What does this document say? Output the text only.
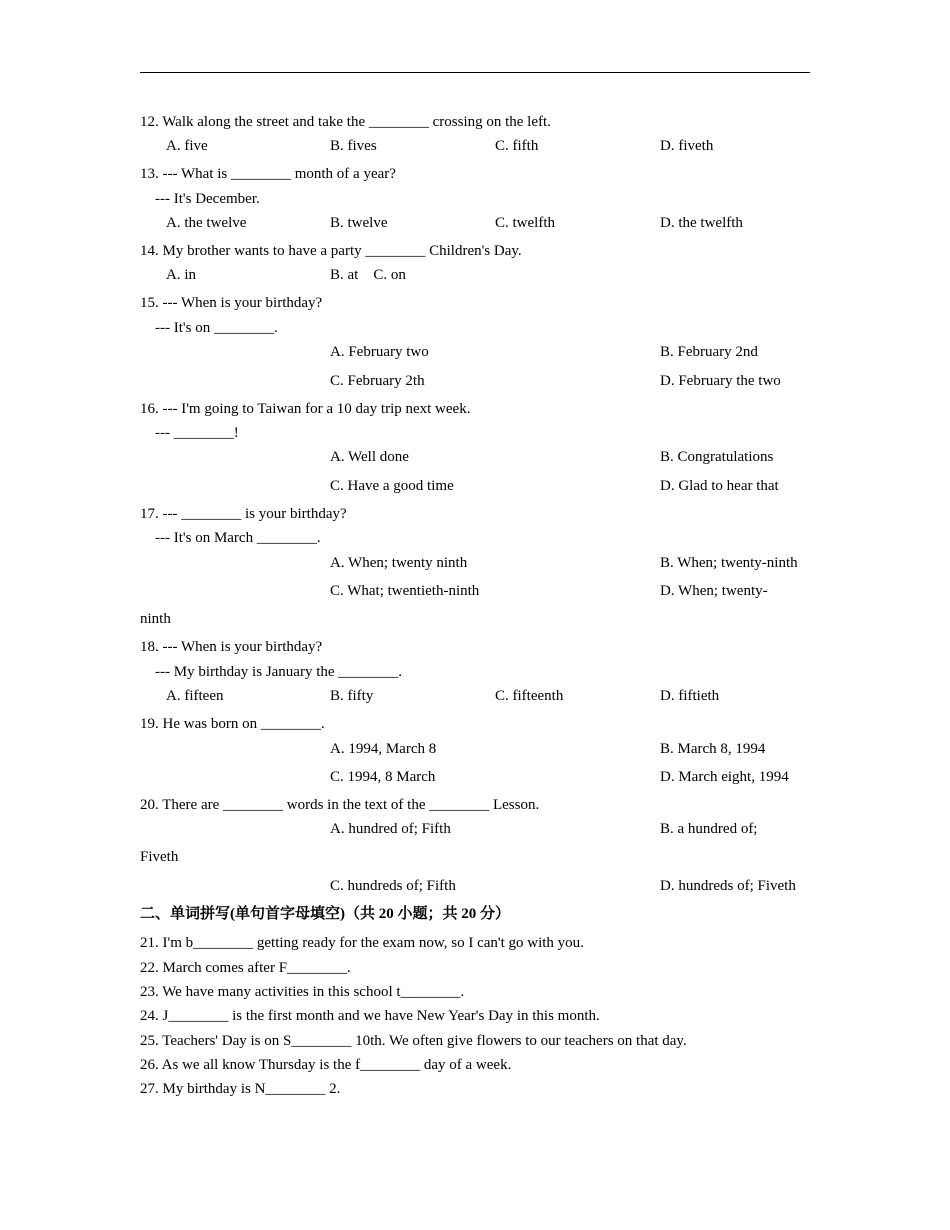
12. Walk along the street and take the ________ crossing on the left.
A. five	B. fives	C. fifth	D. fiveth
13. --- What is ________ month of a year?
--- It's December.
A. the twelve	B. twelve	C. twelfth	D. the twelfth
14. My brother wants to have a party ________ Children's Day.
A. in	B. at    C. on
15. --- When is your birthday?
--- It's on ________.
A. February two	B. February 2nd
C. February 2th	D. February the two
16. --- I'm going to Taiwan for a 10 day trip next week.
--- ________!
A. Well done	B. Congratulations
C. Have a good time	D. Glad to hear that
17. --- ________ is your birthday?
--- It's on March ________.
A. When; twenty ninth	B. When; twenty-ninth
C. What; twentieth-ninth	D. When; twenty-
ninth
18. --- When is your birthday?
--- My birthday is January the ________.
A. fifteen	B. fifty	C. fifteenth	D. fiftieth
19. He was born on ________.
A. 1994, March 8	B. March 8, 1994
C. 1994, 8 March	D. March eight, 1994
20. There are ________ words in the text of the ________ Lesson.
A. hundred of; Fifth	B. a hundred of;
Fiveth
C. hundreds of; Fifth	D. hundreds of; Fiveth
二、单词拼写(单句首字母填空)（共 20 小题；共 20 分）
21. I'm b________ getting ready for the exam now, so I can't go with you.
22. March comes after F________.
23. We have many activities in this school t________.
24. J________ is the first month and we have New Year's Day in this month.
25. Teachers' Day is on S________ 10th. We often give flowers to our teachers on that day.
26. As we all know Thursday is the f________ day of a week.
27. My birthday is N________ 2.
